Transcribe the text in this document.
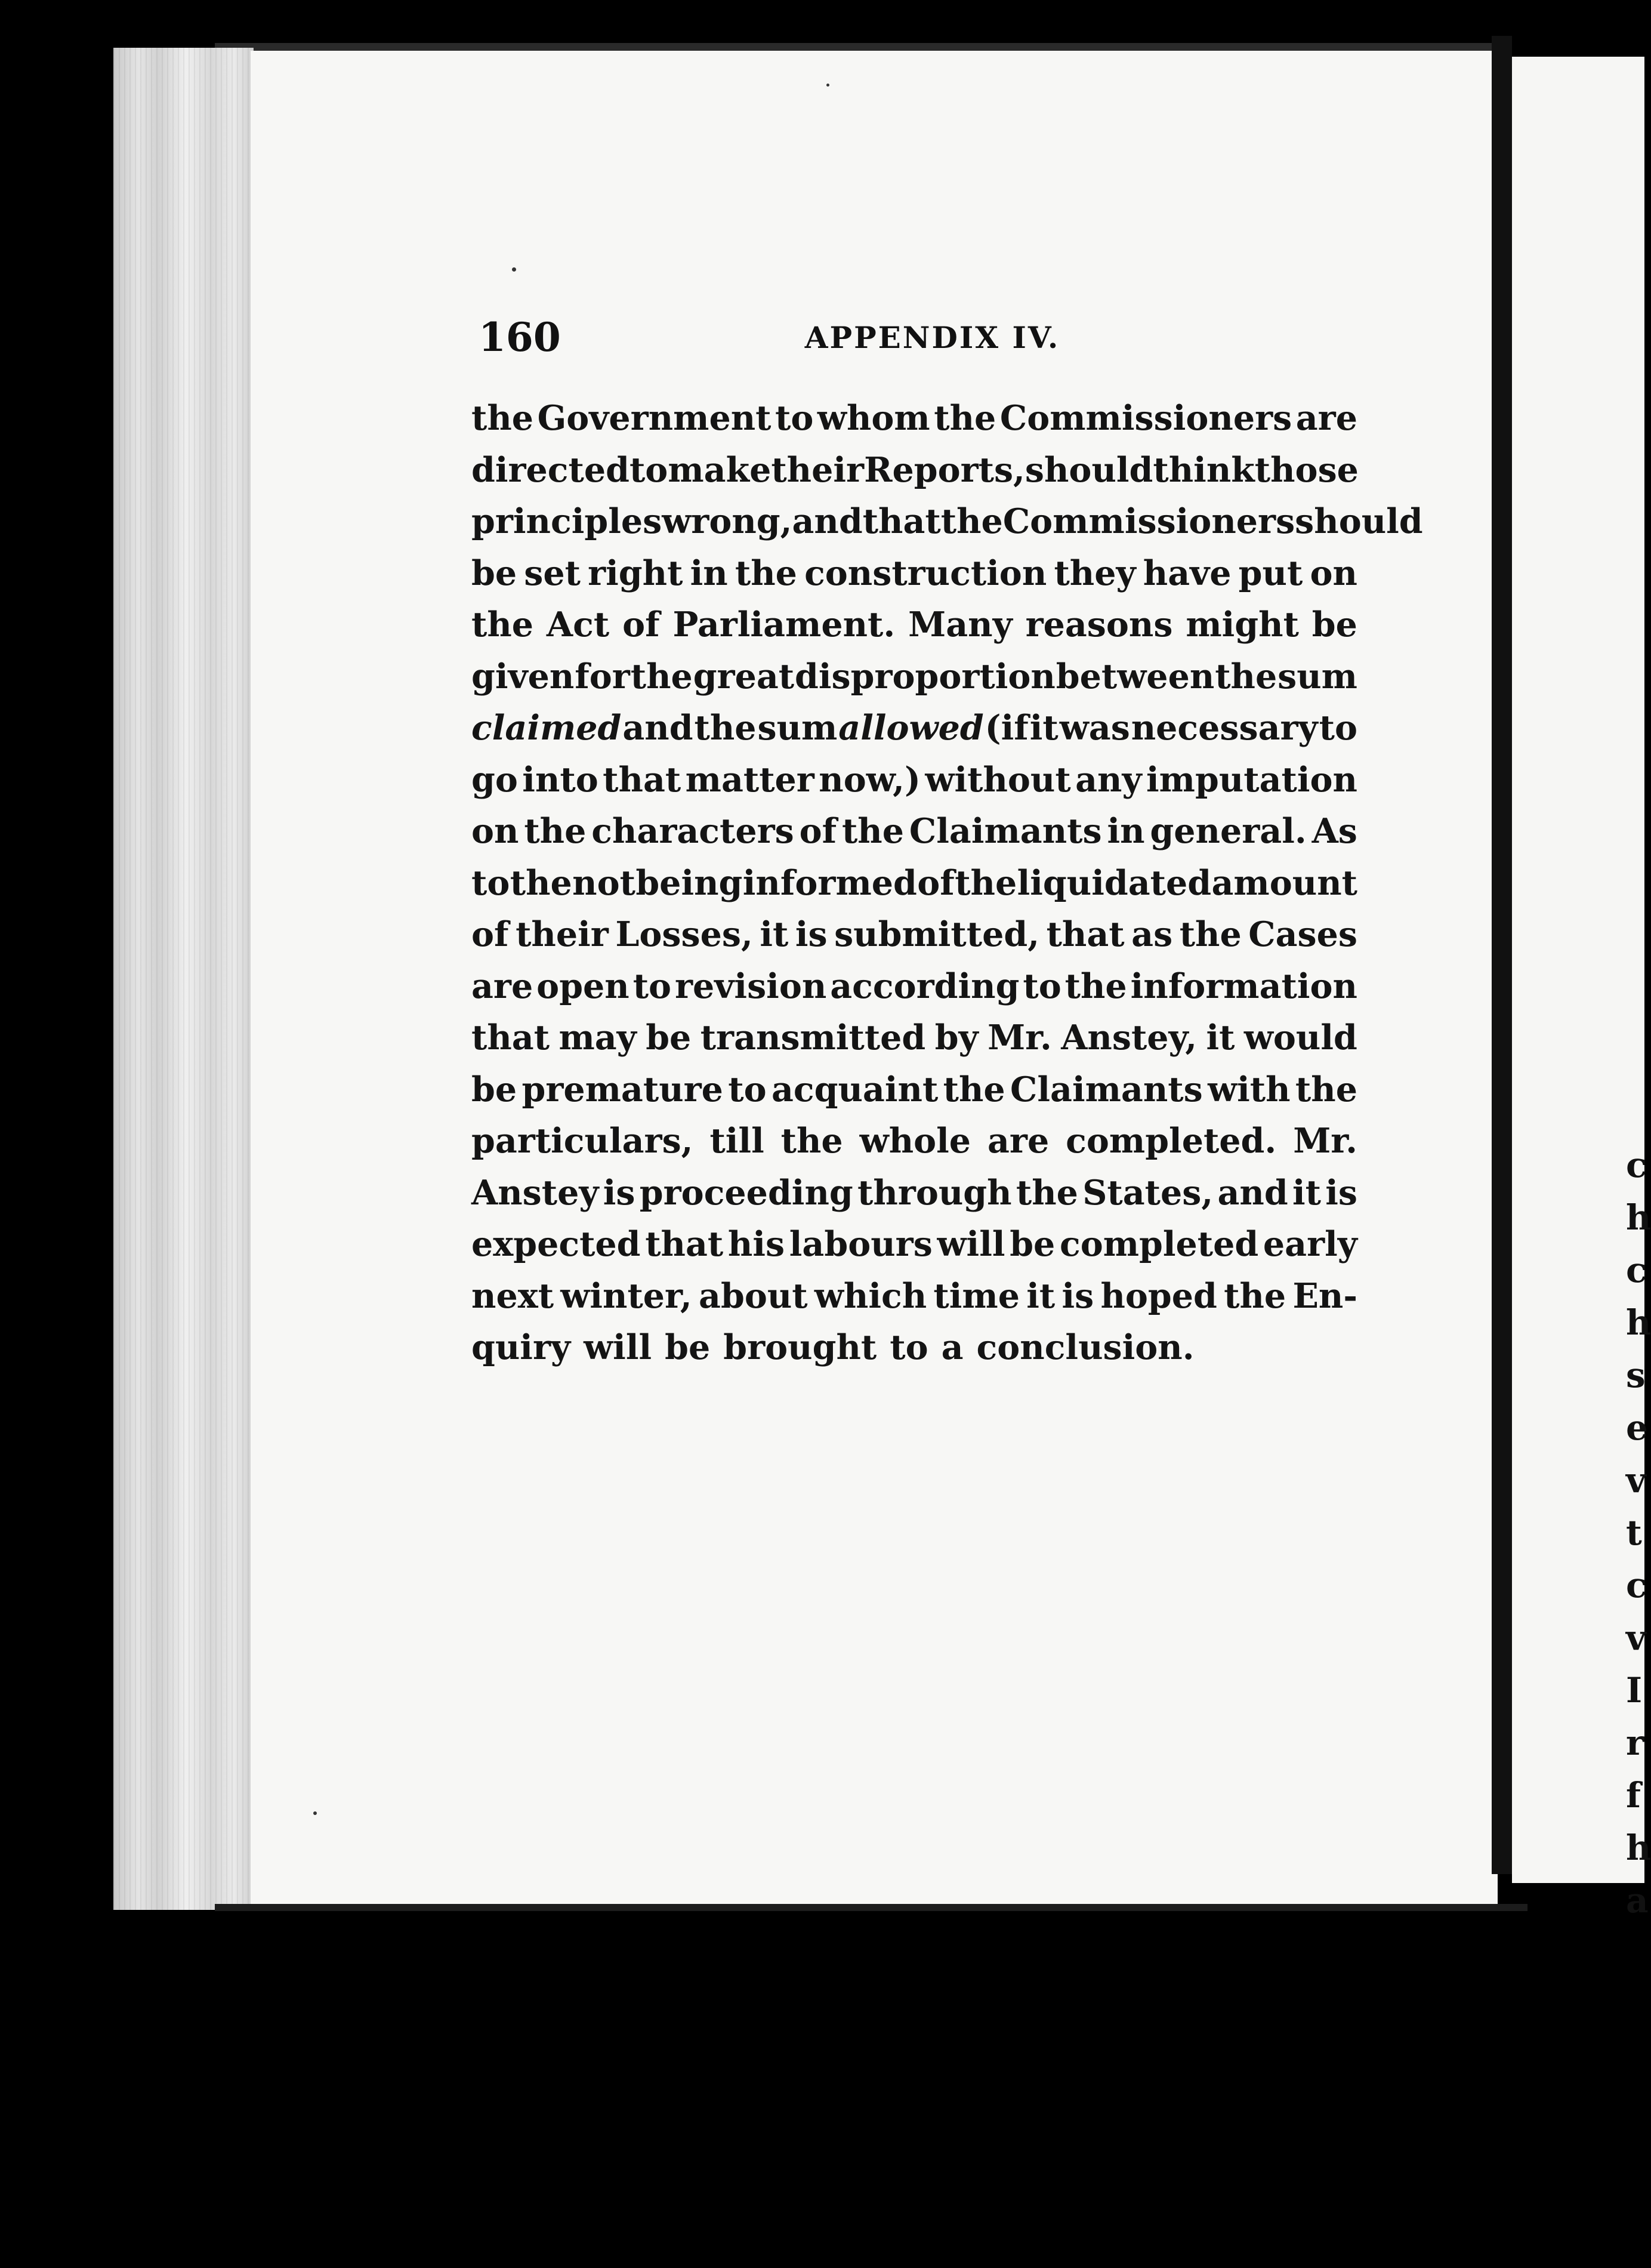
160	APPENDIX IV.
the Government to whom the Commissioners are
directed to make their Reports, should think those
principles wrong, and that the Commissioners should
be set right in the construction they have put on
the Act of Parliament. Many reasons might be
given for the great disproportion between the sum
claimed and the sum allowed (if it was necessary to
go into that matter now,) without any imputation
on the characters of the Claimants in general. As
to the not being informed of the liquidated amount
of their Losses, it is submitted, that as the Cases
are open to revision according to the information
that may be transmitted by Mr. Anstey, it would
be premature to acquaint the Claimants with the
particulars, till the whole are completed. Mr.
Anstey is proceeding through the States, and it is
expected that his labours will be completed early
next winter, about which time it is hoped the En-
quiry will be brought to a conclusion.
c
h
c
h
s
e
v
t
c
v
I
r
f
h
a
